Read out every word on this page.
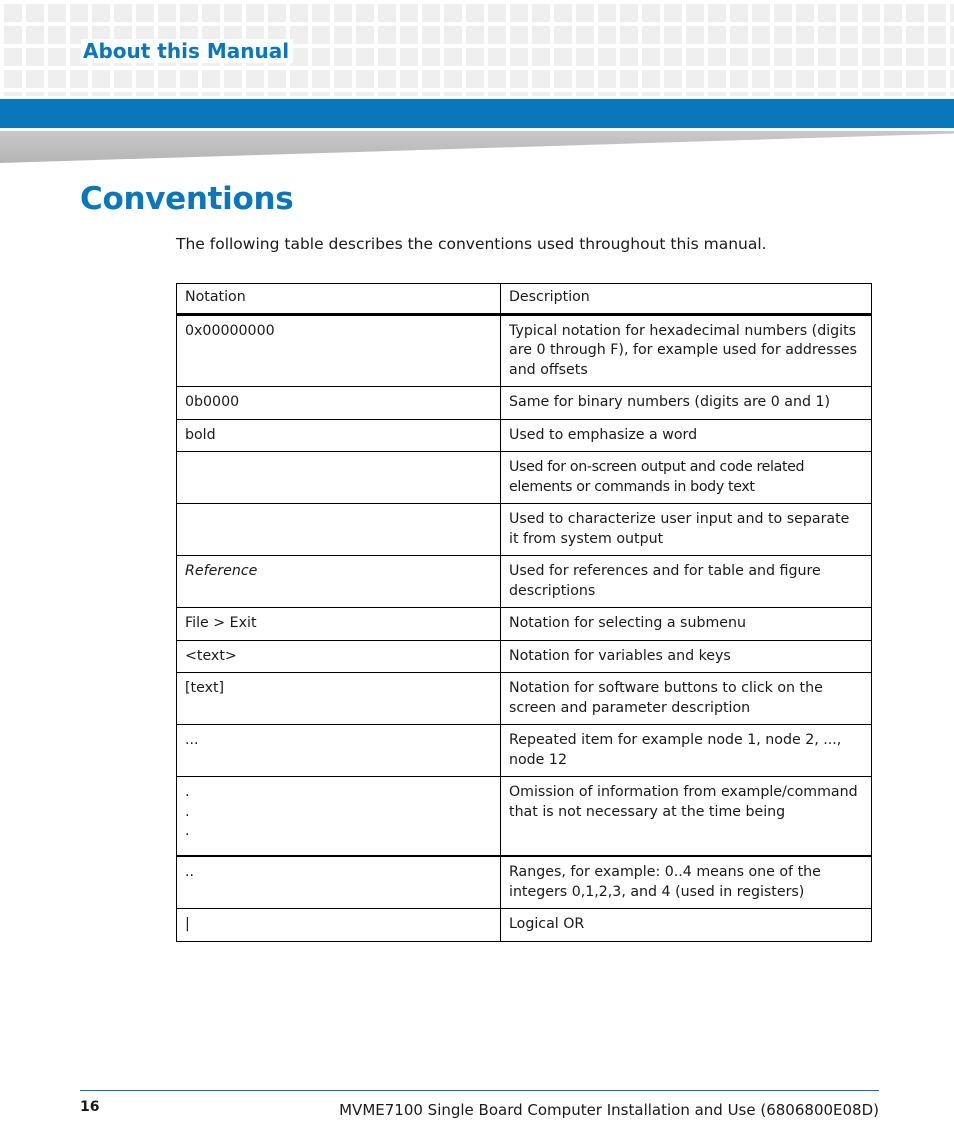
About this Manual
Conventions

The following table describes the conventions used throughout this manual.

Notation	Description
0x00000000	Typical notation for hexadecimal numbers (digits are 0 through F), for example used for addresses and offsets
0b0000	Same for binary numbers (digits are 0 and 1)
bold	Used to emphasize a word
	Used for on-screen output and code related elements or commands in body text
	Used to characterize user input and to separate it from system output
Reference	Used for references and for table and figure descriptions
File > Exit	Notation for selecting a submenu
<text>	Notation for variables and keys
[text]	Notation for software buttons to click on the screen and parameter description
...	Repeated item for example node 1, node 2, ..., node 12

.
.
.	Omission of information from example/command that is not necessary at the time being
..	Ranges, for example: 0..4 means one of the integers 0,1,2,3, and 4 (used in registers)
|	Logical OR

16	MVME7100 Single Board Computer Installation and Use (6806800E08D)
